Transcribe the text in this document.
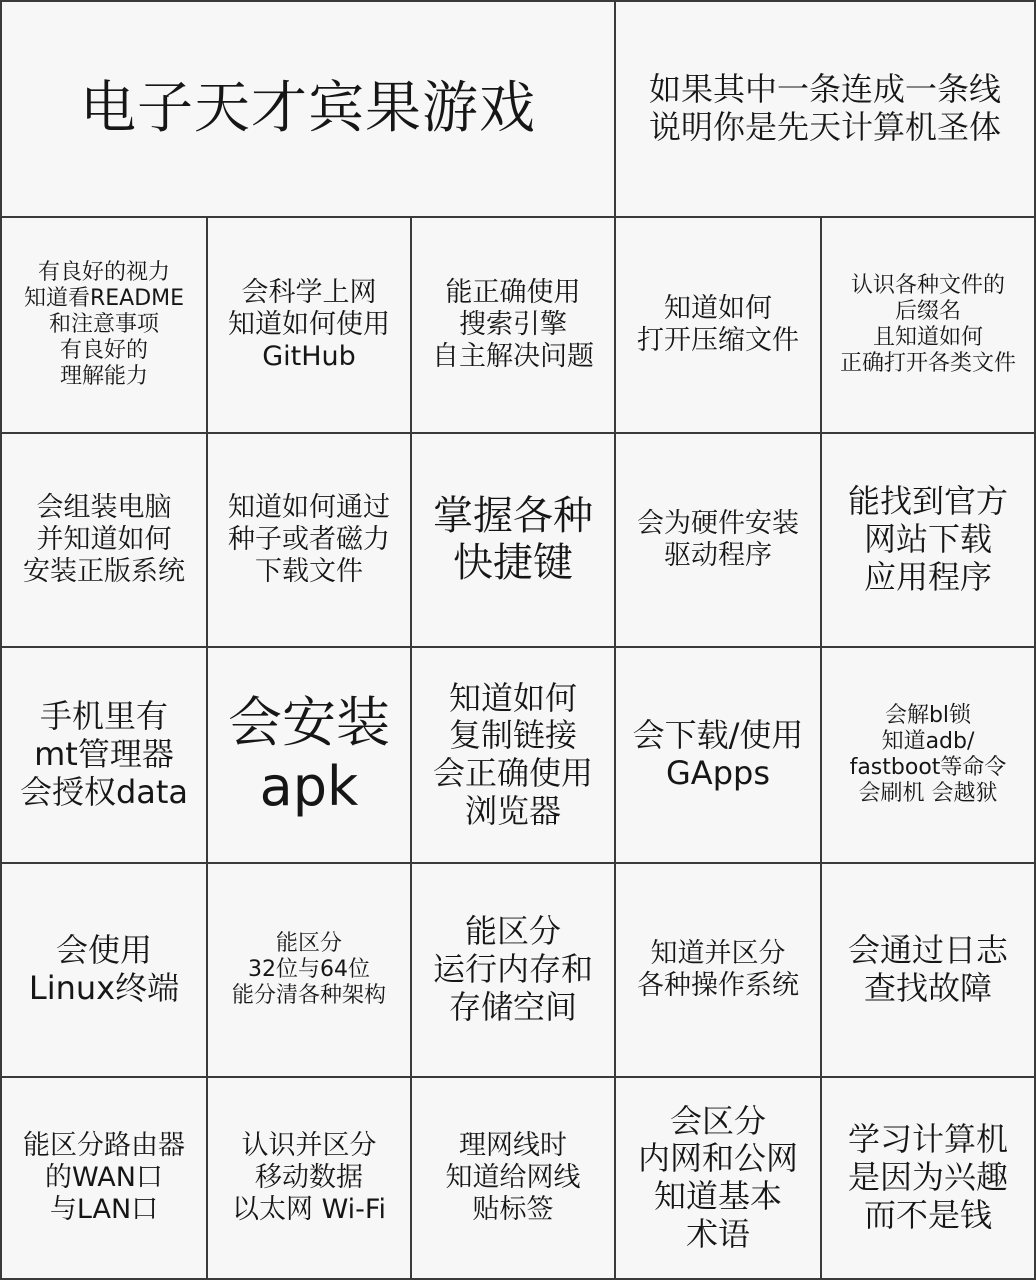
电子天才宾果游戏	如果其中一条连成一条线
说明你是先天计算机圣体
有良好的视力
知道看README
和注意事项
有良好的
理解能力
会科学上网
知道如何使用
GitHub
能正确使用
搜索引擎
自主解决问题
知道如何
打开压缩文件
认识各种文件的
后缀名
且知道如何
正确打开各类文件
会组装电脑
并知道如何
安装正版系统
知道如何通过
种子或者磁力
下载文件
掌握各种
快捷键
会为硬件安装
驱动程序
能找到官方
网站下载
应用程序
手机里有
mt管理器
会授权data
会安装
apk
知道如何
复制链接
会正确使用
浏览器
会下载/使用
GApps
会解bl锁
知道adb/
fastboot等命令
会刷机 会越狱
会使用
Linux终端
能区分
32位与64位
能分清各种架构
能区分
运行内存和
存储空间
知道并区分
各种操作系统
会通过日志
查找故障
能区分路由器
的WAN口
与LAN口
认识并区分
移动数据
以太网 Wi-Fi
理网线时
知道给网线
贴标签
会区分
内网和公网
知道基本
术语
学习计算机
是因为兴趣
而不是钱
